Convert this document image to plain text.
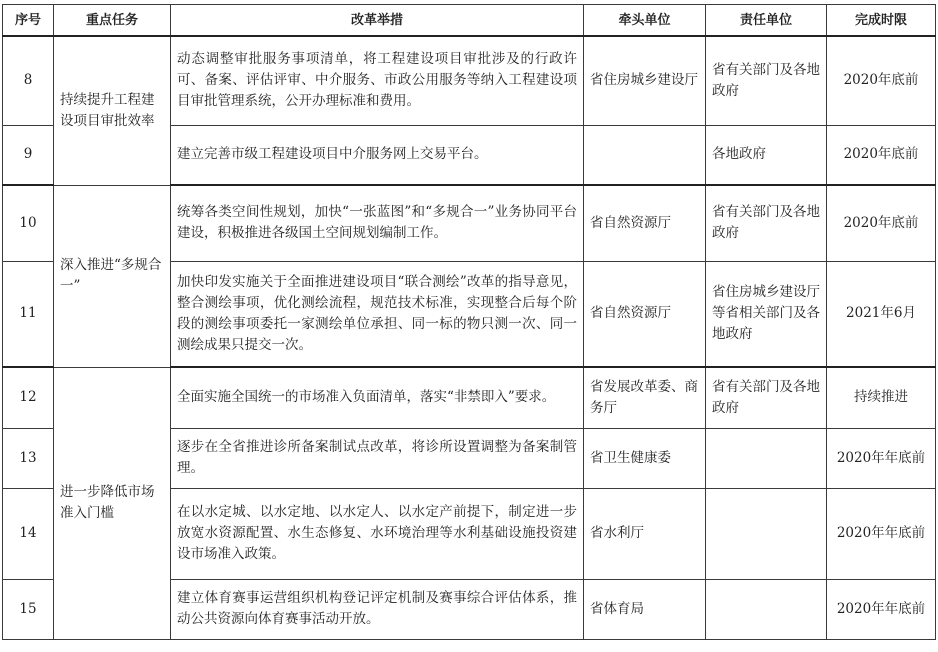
序号	重点任务	改革举措	牵头单位	责任单位	完成时限
8	持续提升工程建设项目审批效率	动态调整审批服务事项清单，将工程建设项目审批涉及的行政许可、备案、评估评审、中介服务、市政公用服务等纳入工程建设项目审批管理系统，公开办理标准和费用。	省住房城乡建设厅	省有关部门及各地政府	2020年底前
9		建立完善市级工程建设项目中介服务网上交易平台。		各地政府	2020年底前
10	深入推进“多规合一”	统筹各类空间性规划，加快“一张蓝图”和“多规合一”业务协同平台建设，积极推进各级国土空间规划编制工作。	省自然资源厅	省有关部门及各地政府	2020年底前
11		加快印发实施关于全面推进建设项目“联合测绘”改革的指导意见，整合测绘事项，优化测绘流程，规范技术标准，实现整合后每个阶段的测绘事项委托一家测绘单位承担、同一标的物只测一次、同一测绘成果只提交一次。	省自然资源厅	省住房城乡建设厅等省相关部门及各地政府	2021年6月
12	进一步降低市场准入门槛	全面实施全国统一的市场准入负面清单，落实“非禁即入”要求。	省发展改革委、商务厅	省有关部门及各地政府	持续推进
13		逐步在全省推进诊所备案制试点改革，将诊所设置调整为备案制管理。	省卫生健康委		2020年年底前
14		在以水定城、以水定地、以水定人、以水定产前提下，制定进一步放宽水资源配置、水生态修复、水环境治理等水利基础设施投资建设市场准入政策。	省水利厅		2020年年底前
15		建立体育赛事运营组织机构登记评定机制及赛事综合评估体系，推动公共资源向体育赛事活动开放。	省体育局		2020年年底前
